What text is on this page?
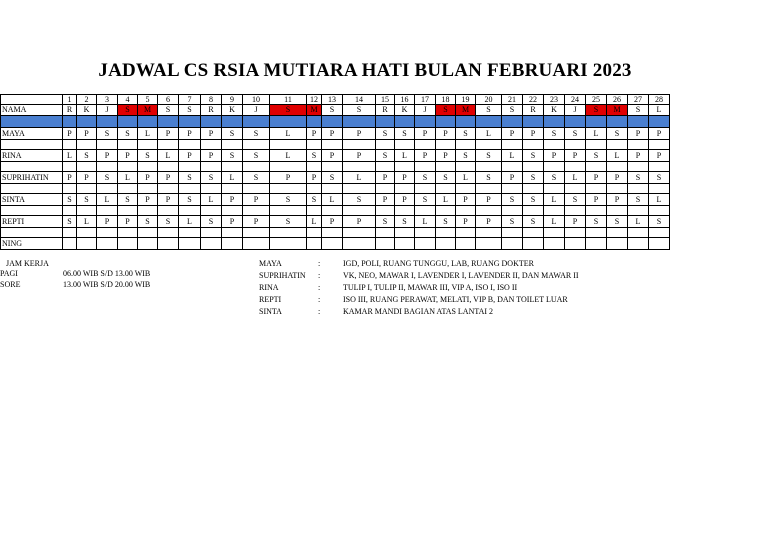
JADWAL CS RSIA MUTIARA HATI BULAN FEBRUARI 2023
	1	2	3	4	5	6	7	8	9	10	11	12	13	14	15	16	17	18	19	20	21	22	23	24	25	26	27	28
NAMA	R	K	J	S	M	S	S	R	K	J	S	M	S	S	R	K	J	S	M	S	S	R	K	J	S	M	S	L

MAYA	P	P	S	S	L	P	P	P	S	S	L	P	P	P	S	S	P	P	S	L	P	P	S	S	L	S	P	P

RINA	L	S	P	P	S	L	P	P	S	S	L	S	P	P	S	L	P	P	S	S	L	S	P	P	S	L	P	P

SUPRIHATIN	P	P	S	L	P	P	S	S	L	S	P	P	S	L	P	P	S	S	L	S	P	S	S	L	P	P	S	S

SINTA	S	S	L	S	P	P	S	L	P	P	S	S	L	S	P	P	S	L	P	P	S	S	L	S	P	P	S	L

REPTI	S	L	P	P	S	S	L	S	P	P	S	L	P	P	S	S	L	S	P	P	S	S	L	P	S	S	L	S

NING																												
JAM KERJA
PAGI	06.00 WIB S/D 13.00 WIB
SORE	13.00 WIB S/D 20.00 WIB
MAYA	:	IGD, POLI, RUANG TUNGGU, LAB, RUANG DOKTER
SUPRIHATIN :	VK, NEO, MAWAR I, LAVENDER I, LAVENDER II, DAN MAWAR II
RINA	:	TULIP I, TULIP II, MAWAR III, VIP A, ISO I, ISO II
REPTI	:	ISO III, RUANG PERAWAT, MELATI, VIP B, DAN TOILET LUAR
SINTA	:	KAMAR MANDI BAGIAN ATAS LANTAI 2
